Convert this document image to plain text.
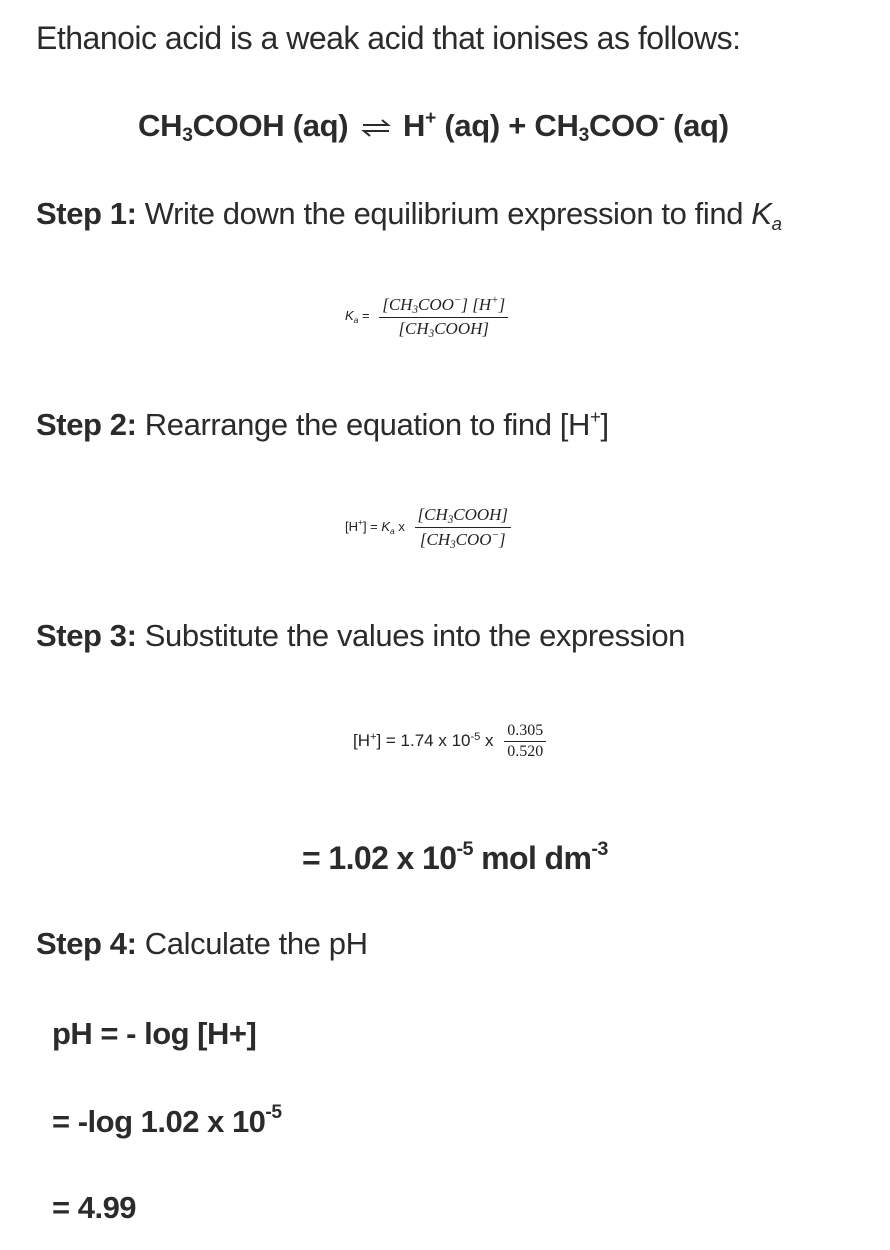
Ethanoic acid is a weak acid that ionises as follows:
$CH_3COOH$ (aq) ⇌ H+ $(aq) + CH_3COO^-$ (aq)
Step 1: Write down the equilibrium expression to find $K_a$
$K_a = \frac{[CH_3COO^-] [H^+]}{[CH_3COOH]}$
Step 2: Rearrange the equation to find [H+]
$[H^+] = K_a$ x $\frac{[CH_3COOH]}{[CH_3COO^-]}$
Step 3: Substitute the values into the expression
[H+] = 1.74 x $10^{-5}$ x $\frac{0.305}{0.520}$
= 1.02 x $10^{-5}$ mol $dm^{-3}$
Step 4: Calculate the pH
pH = - log [H+]
= -log 1.02 x $10^{-5}$
= 4.99
